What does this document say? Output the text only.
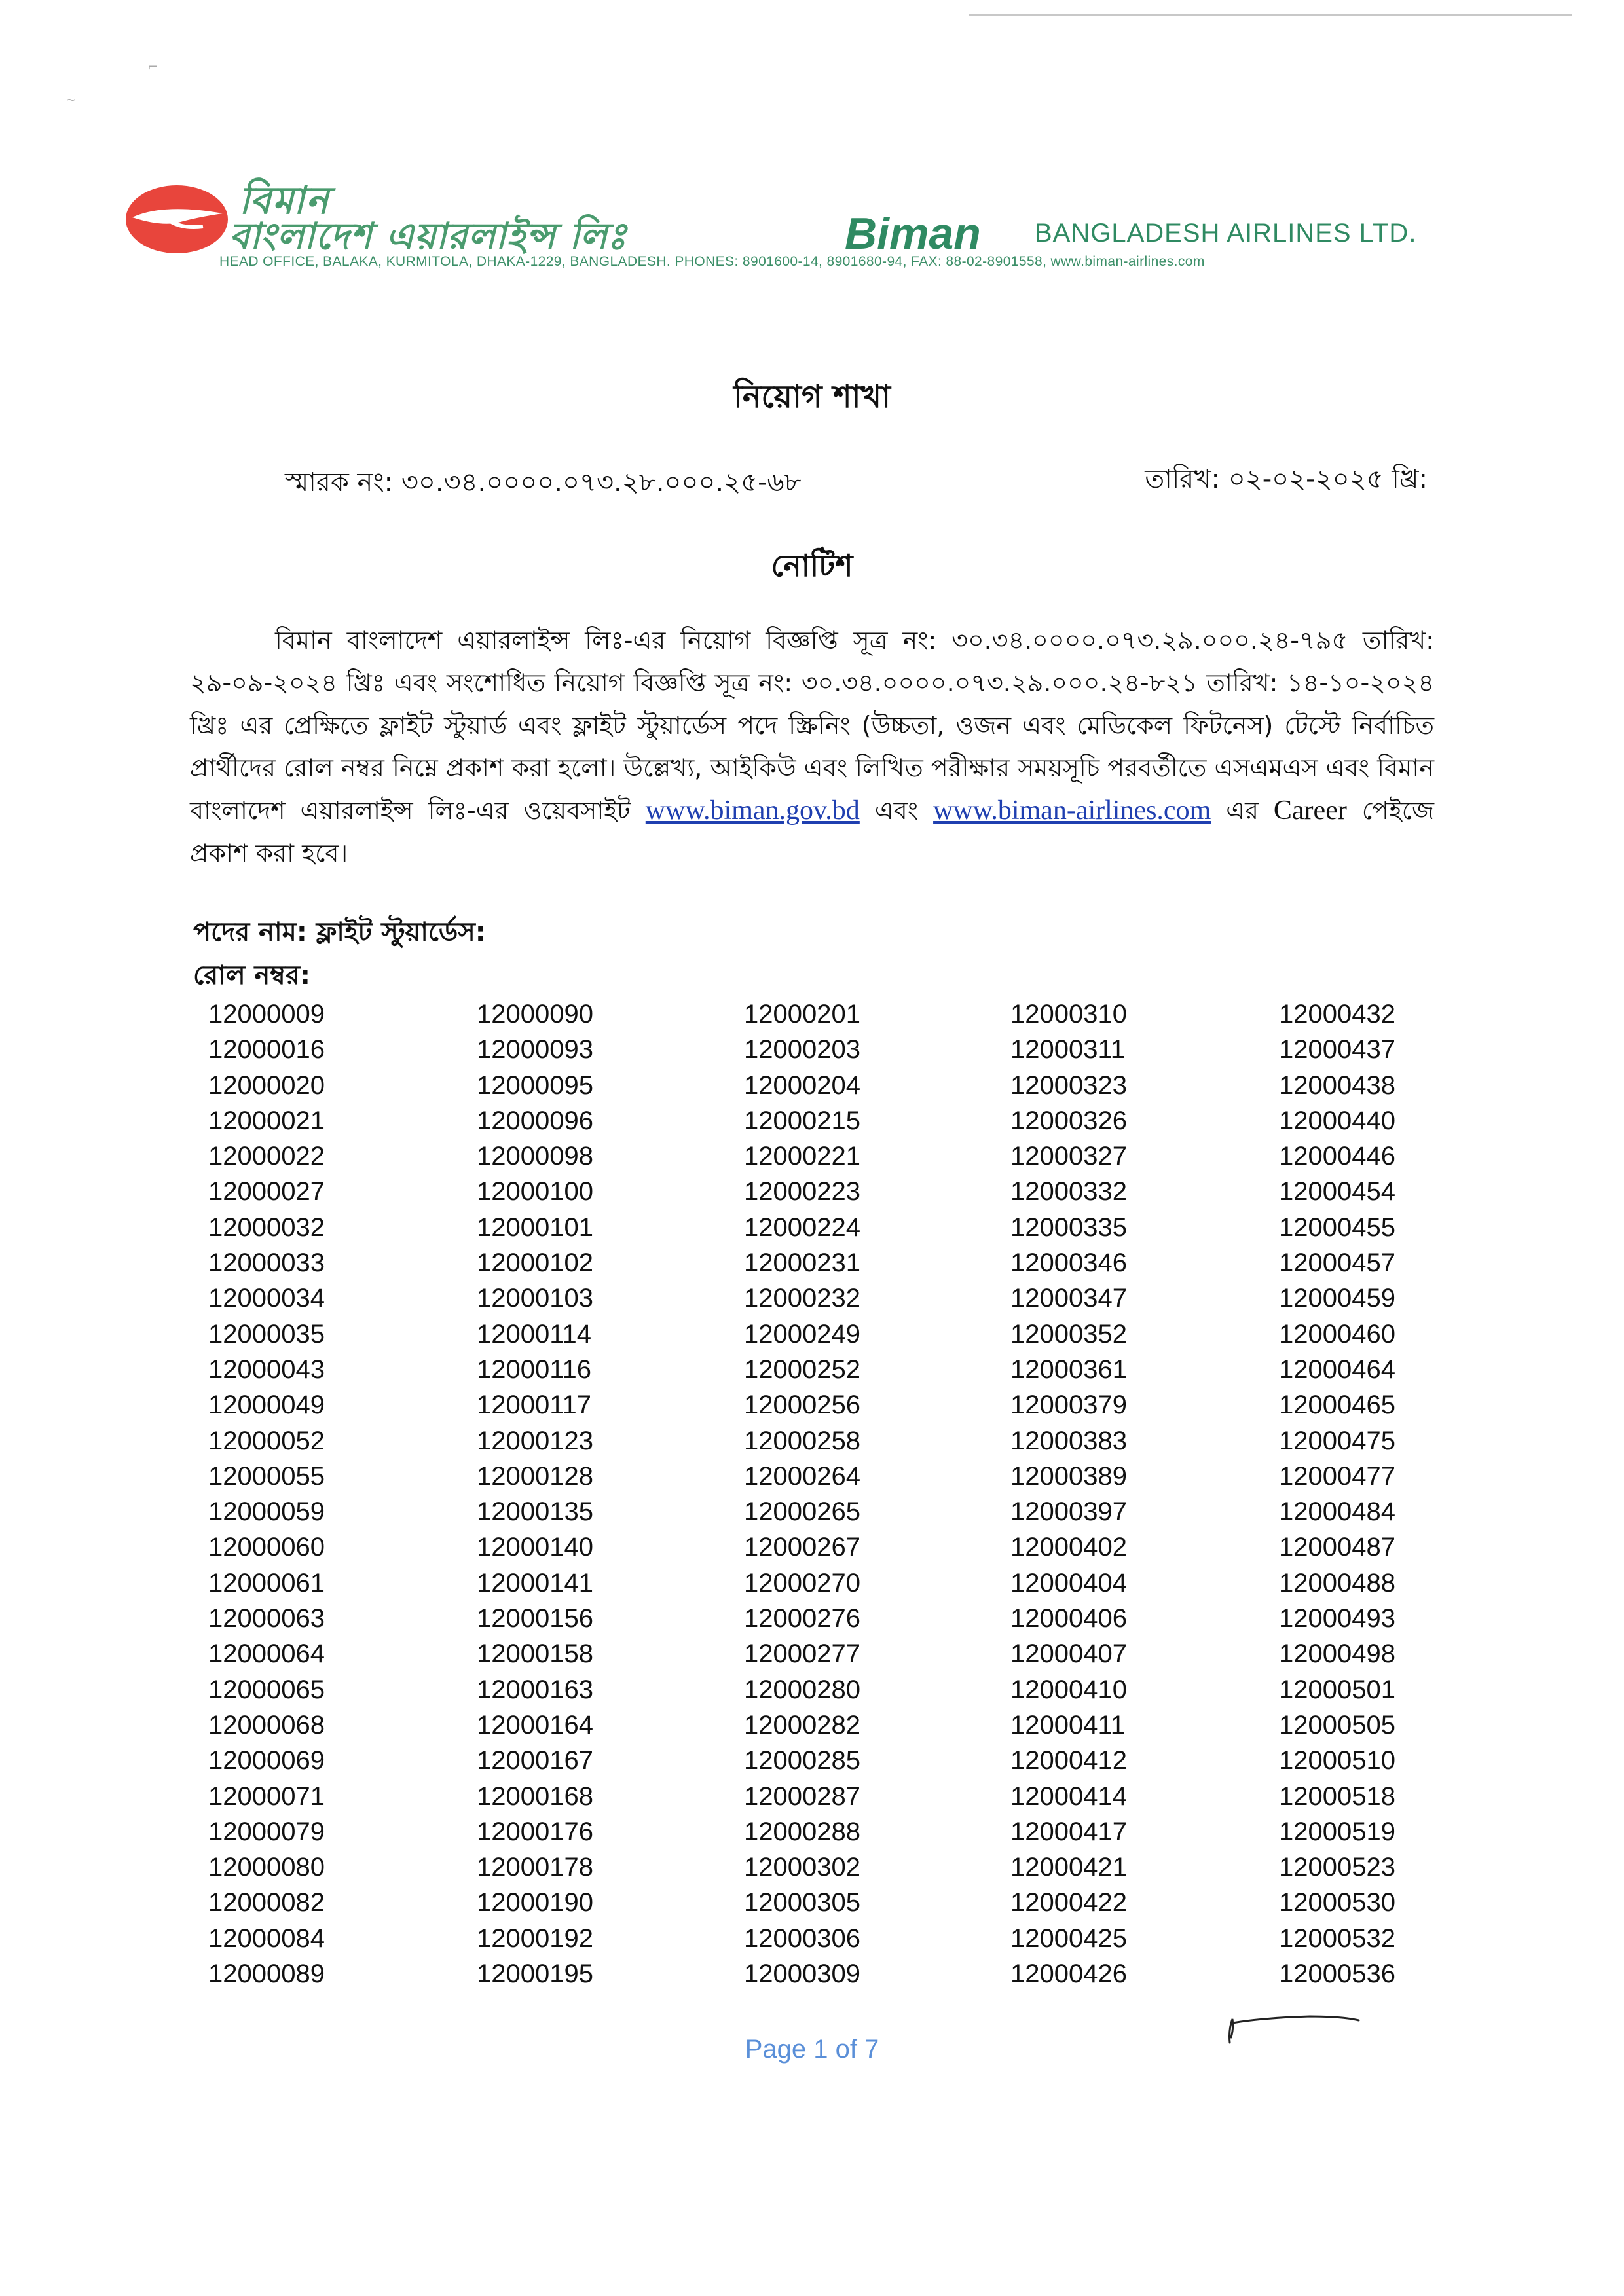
⌐
~
বিমান
বাংলাদেশ এয়ারলাইন্স লিঃ	Biman BANGLADESH AIRLINES LTD.
HEAD OFFICE, BALAKA, KURMITOLA, DHAKA-1229, BANGLADESH. PHONES: 8901600-14, 8901680-94, FAX: 88-02-8901558, www.biman-airlines.com
নিয়োগ শাখা
স্মারক নং: ৩০.৩৪.০০০০.০৭৩.২৮.০০০.২৫-৬৮	তারিখ: ০২-০২-২০২৫ খ্রি:
নোটিশ
বিমান বাংলাদেশ এয়ারলাইন্স লিঃ-এর নিয়োগ বিজ্ঞপ্তি সূত্র নং: ৩০.৩৪.০০০০.০৭৩.২৯.০০০.২৪-৭৯৫ তারিখ: ২৯-০৯-২০২৪ খ্রিঃ এবং সংশোধিত নিয়োগ বিজ্ঞপ্তি সূত্র নং: ৩০.৩৪.০০০০.০৭৩.২৯.০০০.২৪-৮২১ তারিখ: ১৪-১০-২০২৪ খ্রিঃ এর প্রেক্ষিতে ফ্লাইট স্টুয়ার্ড এবং ফ্লাইট স্টুয়ার্ডেস পদে স্ক্রিনিং (উচ্চতা, ওজন এবং মেডিকেল ফিটনেস) টেস্টে নির্বাচিত প্রার্থীদের রোল নম্বর নিম্নে প্রকাশ করা হলো। উল্লেখ্য, আইকিউ এবং লিখিত পরীক্ষার সময়সূচি পরবর্তীতে এসএমএস এবং বিমান বাংলাদেশ এয়ারলাইন্স লিঃ-এর ওয়েবসাইট www.biman.gov.bd এবং www.biman-airlines.com এর Career পেইজে প্রকাশ করা হবে।
পদের নাম: ফ্লাইট স্টুয়ার্ডেস:
রোল নম্বর:
12000009
12000016
12000020
12000021
12000022
12000027
12000032
12000033
12000034
12000035
12000043
12000049
12000052
12000055
12000059
12000060
12000061
12000063
12000064
12000065
12000068
12000069
12000071
12000079
12000080
12000082
12000084
12000089
12000090
12000093
12000095
12000096
12000098
12000100
12000101
12000102
12000103
12000114
12000116
12000117
12000123
12000128
12000135
12000140
12000141
12000156
12000158
12000163
12000164
12000167
12000168
12000176
12000178
12000190
12000192
12000195
12000201
12000203
12000204
12000215
12000221
12000223
12000224
12000231
12000232
12000249
12000252
12000256
12000258
12000264
12000265
12000267
12000270
12000276
12000277
12000280
12000282
12000285
12000287
12000288
12000302
12000305
12000306
12000309
12000310
12000311
12000323
12000326
12000327
12000332
12000335
12000346
12000347
12000352
12000361
12000379
12000383
12000389
12000397
12000402
12000404
12000406
12000407
12000410
12000411
12000412
12000414
12000417
12000421
12000422
12000425
12000426
12000432
12000437
12000438
12000440
12000446
12000454
12000455
12000457
12000459
12000460
12000464
12000465
12000475
12000477
12000484
12000487
12000488
12000493
12000498
12000501
12000505
12000510
12000518
12000519
12000523
12000530
12000532
12000536
Page 1 of 7
